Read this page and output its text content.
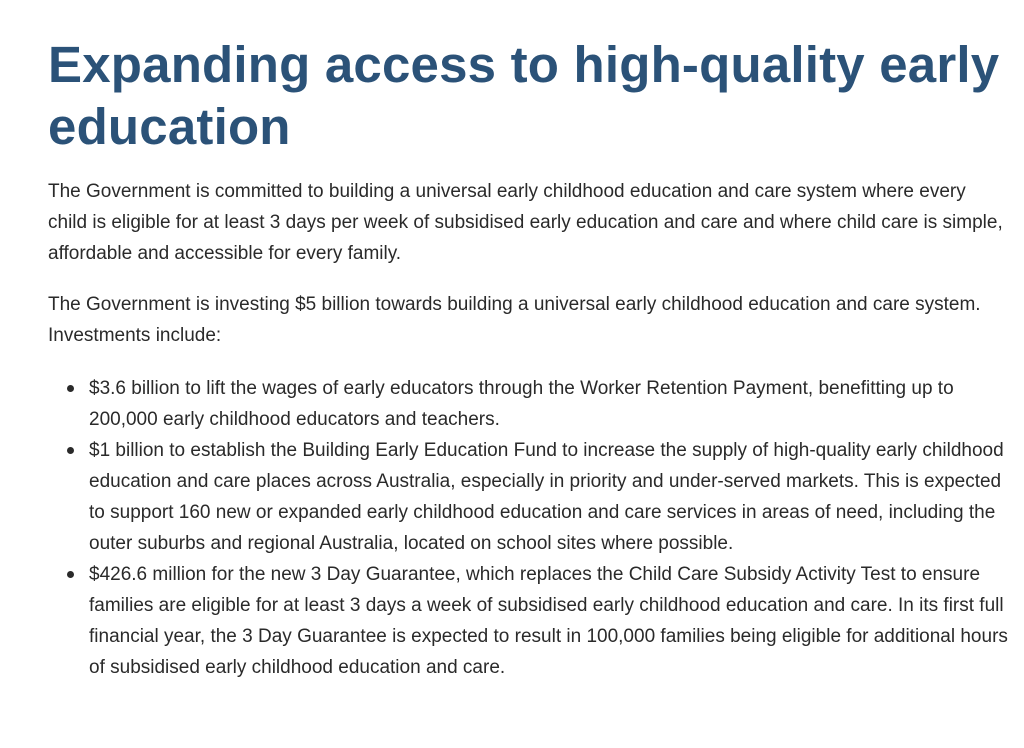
Expanding access to high-quality early education

The Government is committed to building a universal early childhood education and care system where every child is eligible for at least 3 days per week of subsidised early education and care and where child care is simple, affordable and accessible for every family.

The Government is investing $5 billion towards building a universal early childhood education and care system. Investments include:

$3.6 billion to lift the wages of early educators through the Worker Retention Payment, benefitting up to 200,000 early childhood educators and teachers.
$1 billion to establish the Building Early Education Fund to increase the supply of high-quality early childhood education and care places across Australia, especially in priority and under-served markets. This is expected to support 160 new or expanded early childhood education and care services in areas of need, including the outer suburbs and regional Australia, located on school sites where possible.
$426.6 million for the new 3 Day Guarantee, which replaces the Child Care Subsidy Activity Test to ensure families are eligible for at least 3 days a week of subsidised early childhood education and care. In its first full financial year, the 3 Day Guarantee is expected to result in 100,000 families being eligible for additional hours of subsidised early childhood education and care.
